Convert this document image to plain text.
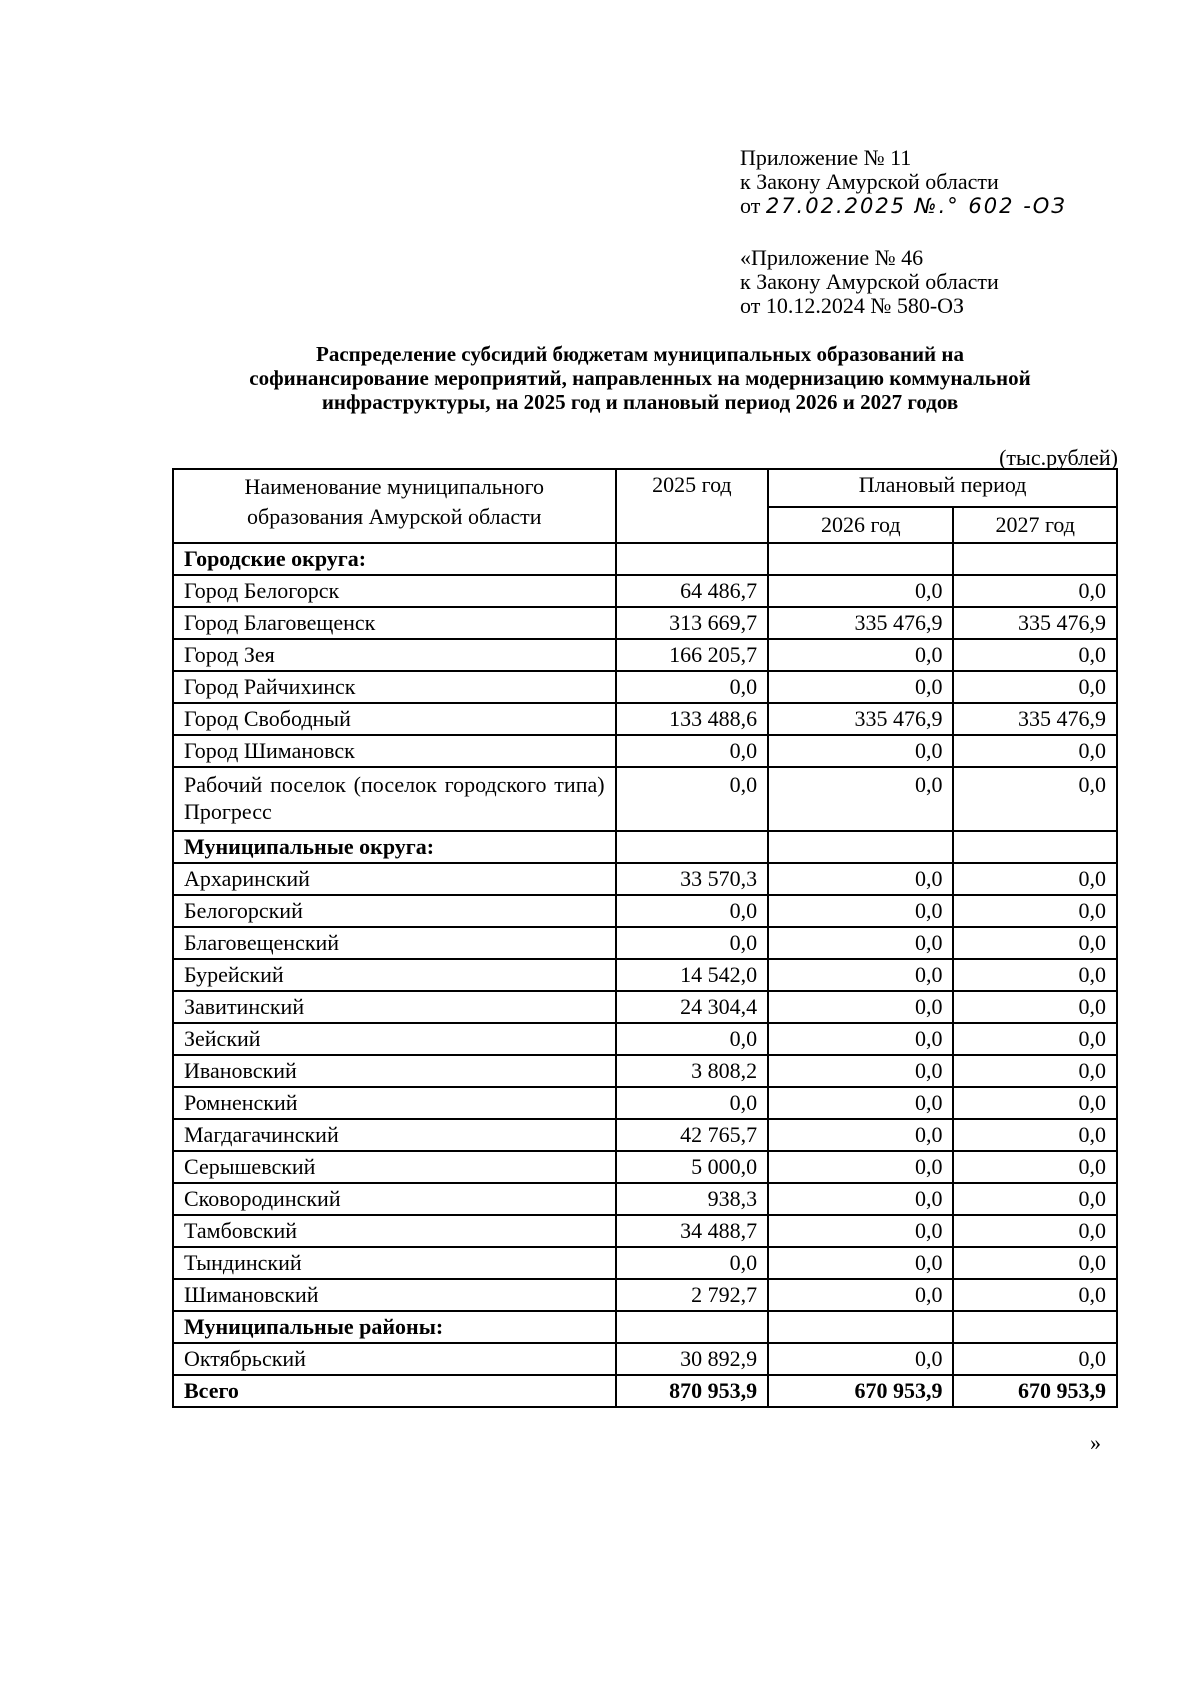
Приложение № 11
к Закону Амурской области
от 27.02.2025 №.° 602 -ОЗ
«Приложение № 46
к Закону Амурской области
от 10.12.2024 № 580-ОЗ
Распределение субсидий бюджетам муниципальных образований на
софинансирование мероприятий, направленных на модернизацию коммунальной
инфраструктуры, на 2025 год и плановый период 2026 и 2027 годов
(тыс.рублей)
Наименование муниципального
образования Амурской области	2025 год	Плановый период	
		2026 год	2027 год
Городские округа:			
Город Белогорск	64 486,7	0,0	0,0
Город Благовещенск	313 669,7	335 476,9	335 476,9
Город Зея	166 205,7	0,0	0,0
Город Райчихинск	0,0	0,0	0,0
Город Свободный	133 488,6	335 476,9	335 476,9
Город Шимановск	0,0	0,0	0,0
Рабочий поселок (поселок городского типа) Прогресс	0,0	0,0	0,0
Муниципальные округа:			
Архаринский	33 570,3	0,0	0,0
Белогорский	0,0	0,0	0,0
Благовещенский	0,0	0,0	0,0
Бурейский	14 542,0	0,0	0,0
Завитинский	24 304,4	0,0	0,0
Зейский	0,0	0,0	0,0
Ивановский	3 808,2	0,0	0,0
Ромненский	0,0	0,0	0,0
Магдагачинский	42 765,7	0,0	0,0
Серышевский	5 000,0	0,0	0,0
Сковородинский	938,3	0,0	0,0
Тамбовский	34 488,7	0,0	0,0
Тындинский	0,0	0,0	0,0
Шимановский	2 792,7	0,0	0,0
Муниципальные районы:			
Октябрьский	30 892,9	0,0	0,0
Всего	870 953,9	670 953,9	670 953,9
»
